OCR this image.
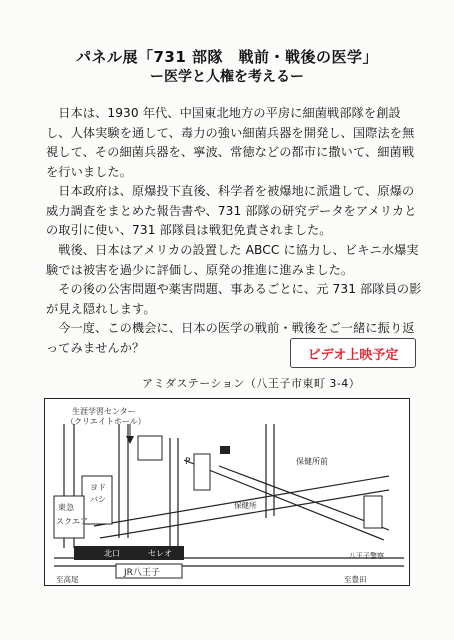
パネル展「731 部隊　戦前・戦後の医学」
ー医学と人権を考えるー
日本は、1930 年代、中国東北地方の平房に細菌戦部隊を創設し、人体実験を通して、毒力の強い細菌兵器を開発し、国際法を無視して、その細菌兵器を、寧波、常徳などの都市に撒いて、細菌戦を行いました。
日本政府は、原爆投下直後、科学者を被爆地に派遣して、原爆の威力調査をまとめた報告書や、731 部隊の研究データをアメリカとの取引に使い、731 部隊員は戦犯免責されました。
戦後、日本はアメリカの設置した ABCC に協力し、ビキニ水爆実験では被害を過少に評価し、原発の推進に進みました。
その後の公害問題や薬害問題、事あるごとに、元 731 部隊員の影が見え隠れします。
今一度、この機会に、日本の医学の戦前・戦後をご一緒に振り返ってみませんか？	ビデオ上映予定
アミダステーション（八王子市東町 3-4）
生涯学習センター
（クリエイトホール）
ヨド
バシ
P
東急
スクエア
北口	セレオ
JR八王子
至高尾	至豊田
保健所前
保健所
八王子警察
